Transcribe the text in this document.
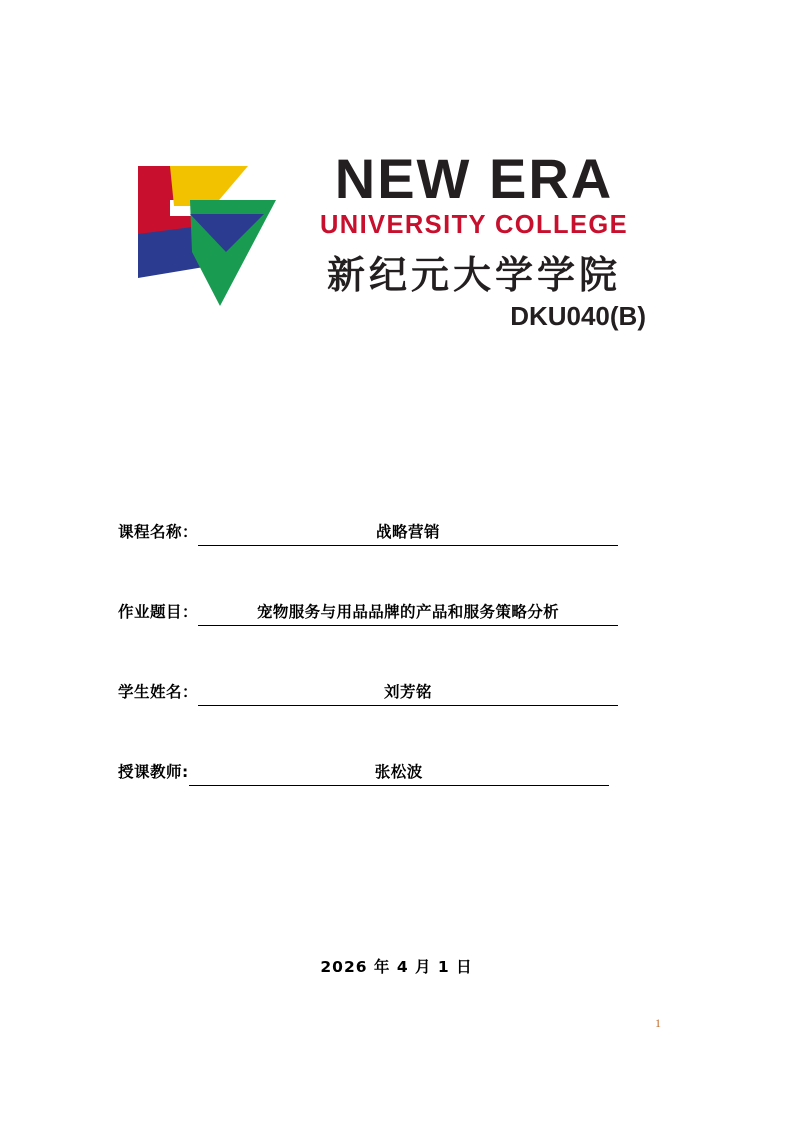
NEW ERA
UNIVERSITY COLLEGE
新纪元大学学院
DKU040(B)
课程名称：	战略营销
作业题目：	宠物服务与用品品牌的产品和服务策略分析
学生姓名：	刘芳铭
授课教师:	张松波
2026 年 4 月 1 日
1
